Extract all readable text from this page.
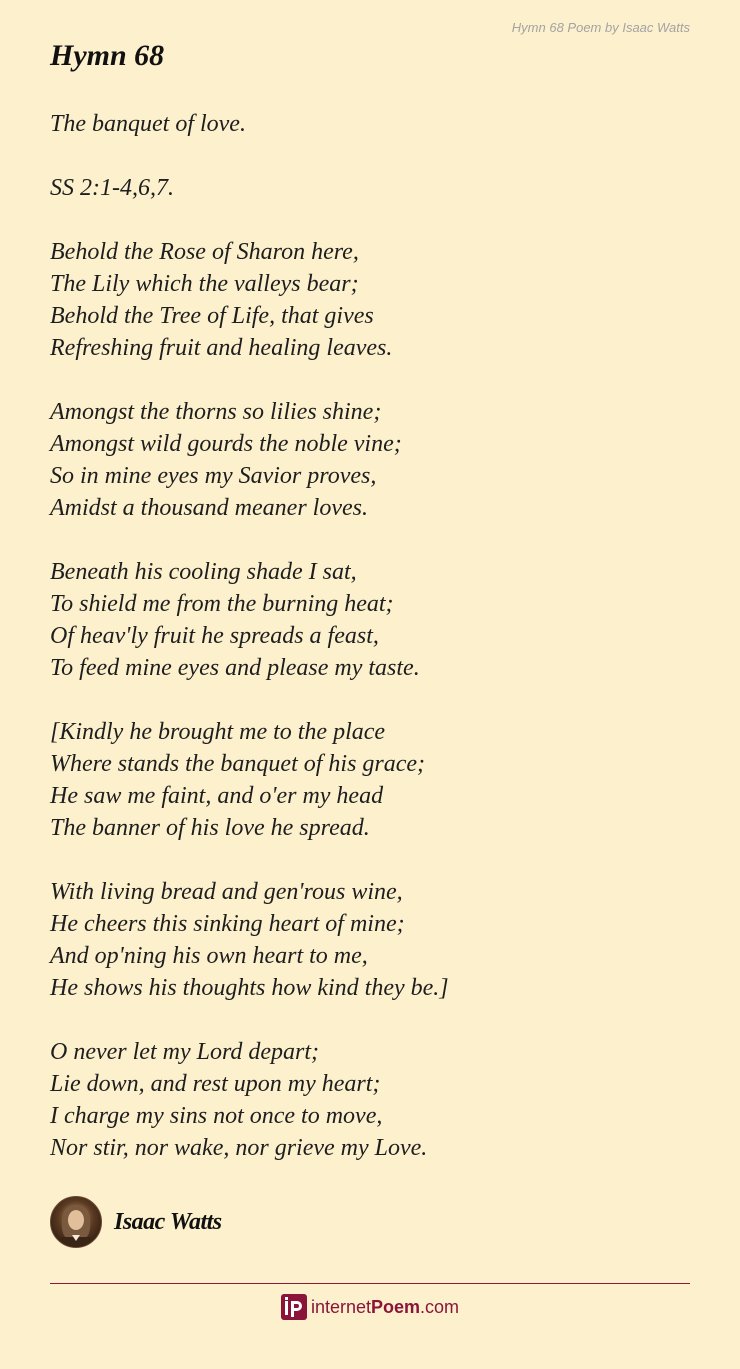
Hymn 68 Poem by Isaac Watts
Hymn 68
The banquet of love.
SS 2:1-4,6,7.
Behold the Rose of Sharon here,
The Lily which the valleys bear;
Behold the Tree of Life, that gives
Refreshing fruit and healing leaves.
Amongst the thorns so lilies shine;
Amongst wild gourds the noble vine;
So in mine eyes my Savior proves,
Amidst a thousand meaner loves.
Beneath his cooling shade I sat,
To shield me from the burning heat;
Of heav'ly fruit he spreads a feast,
To feed mine eyes and please my taste.
[Kindly he brought me to the place
Where stands the banquet of his grace;
He saw me faint, and o'er my head
The banner of his love he spread.
With living bread and gen'rous wine,
He cheers this sinking heart of mine;
And op'ning his own heart to me,
He shows his thoughts how kind they be.]
O never let my Lord depart;
Lie down, and rest upon my heart;
I charge my sins not once to move,
Nor stir, nor wake, nor grieve my Love.
Isaac Watts
internet Poem .com
